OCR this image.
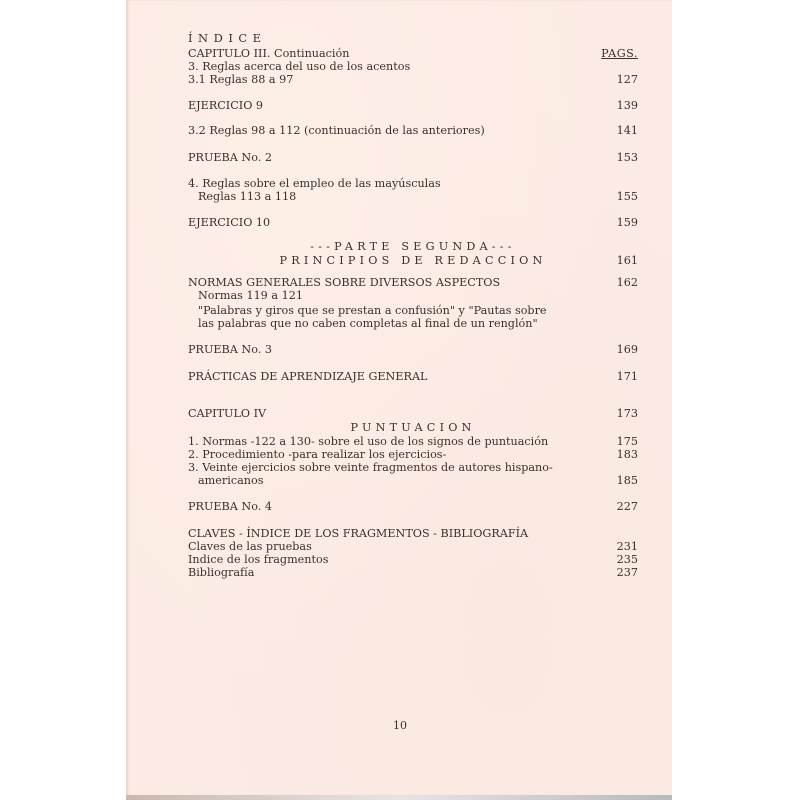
ÍNDICE
CAPITULO III. Continuación	PAGS.
3. Reglas acerca del uso de los acentos
3.1 Reglas 88 a 97	127
EJERCICIO 9	139
3.2 Reglas 98 a 112 (continuación de las anteriores)	141
PRUEBA No. 2	153
4. Reglas sobre el empleo de las mayúsculas
Reglas 113 a 118	155
EJERCICIO 10	159
---PARTE SEGUNDA---
PRINCIPIOS DE REDACCION	161
NORMAS GENERALES SOBRE DIVERSOS ASPECTOS	162
Normas 119 a 121
"Palabras y giros que se prestan a confusión" y "Pautas sobre
las palabras que no caben completas al final de un renglón"
PRUEBA No. 3	169
PRÁCTICAS DE APRENDIZAJE GENERAL	171
CAPITULO IV	173
PUNTUACION
1. Normas -122 a 130- sobre el uso de los signos de puntuación	175
2. Procedimiento -para realizar los ejercicios-	183
3. Veinte ejercicios sobre veinte fragmentos de autores hispano-
americanos	185
PRUEBA No. 4	227
CLAVES - ÍNDICE DE LOS FRAGMENTOS - BIBLIOGRAFÍA
Claves de las pruebas	231
Indice de los fragmentos	235
Bibliografía	237
10
